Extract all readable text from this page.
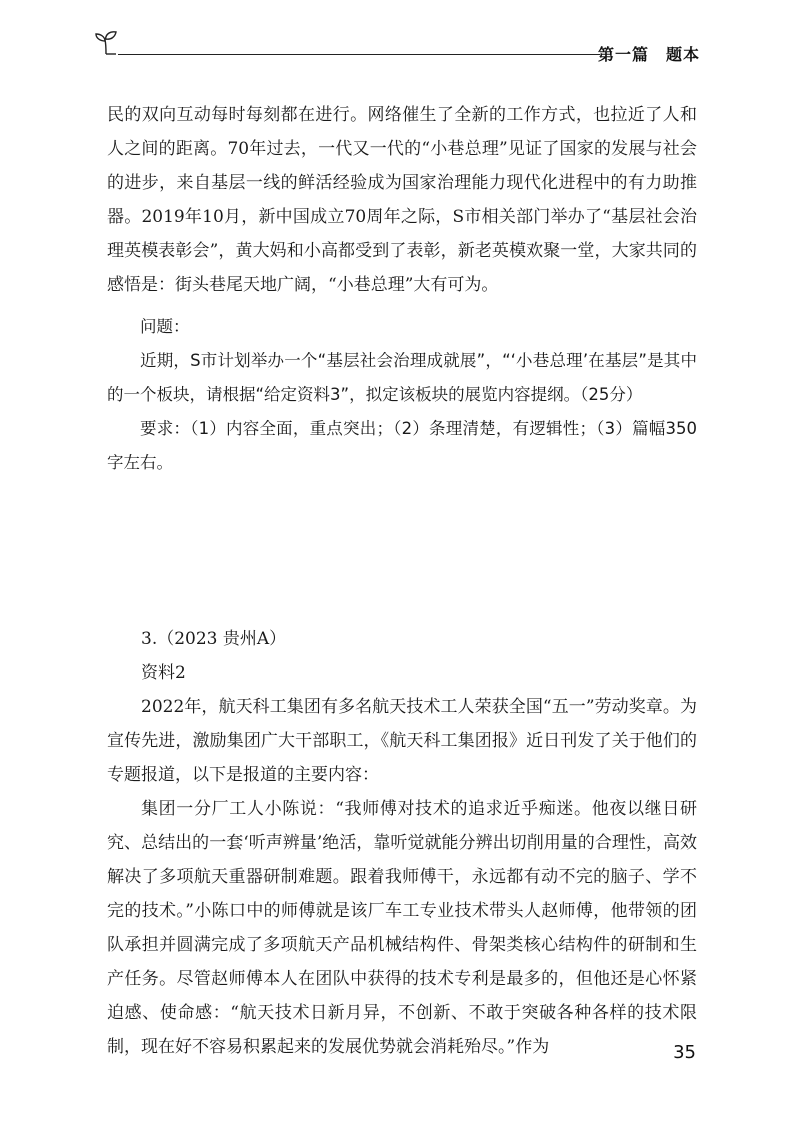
第一篇　题本

民的双向互动每时每刻都在进行。网络催生了全新的工作方式，也拉近了人和人之间的距离。70年过去，一代又一代的“小巷总理”见证了国家的发展与社会的进步，来自基层一线的鲜活经验成为国家治理能力现代化进程中的有力助推器。2019年10月，新中国成立70周年之际，S市相关部门举办了“基层社会治理英模表彰会”，黄大妈和小高都受到了表彰，新老英模欢聚一堂，大家共同的感悟是：街头巷尾天地广阔，“小巷总理”大有可为。

问题：

近期，S市计划举办一个“基层社会治理成就展”，“‘小巷总理’在基层”是其中的一个板块，请根据“给定资料3”，拟定该板块的展览内容提纲。（25分）

要求：（1）内容全面，重点突出；（2）条理清楚，有逻辑性；（3）篇幅350字左右。

3.（2023 贵州A）

资料2

2022年，航天科工集团有多名航天技术工人荣获全国“五一”劳动奖章。为宣传先进，激励集团广大干部职工，《航天科工集团报》近日刊发了关于他们的专题报道，以下是报道的主要内容：

集团一分厂工人小陈说：“我师傅对技术的追求近乎痴迷。他夜以继日研究、总结出的一套‘听声辨量’绝活，靠听觉就能分辨出切削用量的合理性，高效解决了多项航天重器研制难题。跟着我师傅干，永远都有动不完的脑子、学不完的技术。”小陈口中的师傅就是该厂车工专业技术带头人赵师傅，他带领的团队承担并圆满完成了多项航天产品机械结构件、骨架类核心结构件的研制和生产任务。尽管赵师傅本人在团队中获得的技术专利是最多的，但他还是心怀紧迫感、使命感：“航天技术日新月异，不创新、不敢于突破各种各样的技术限制，现在好不容易积累起来的发展优势就会消耗殆尽。”作为	35
